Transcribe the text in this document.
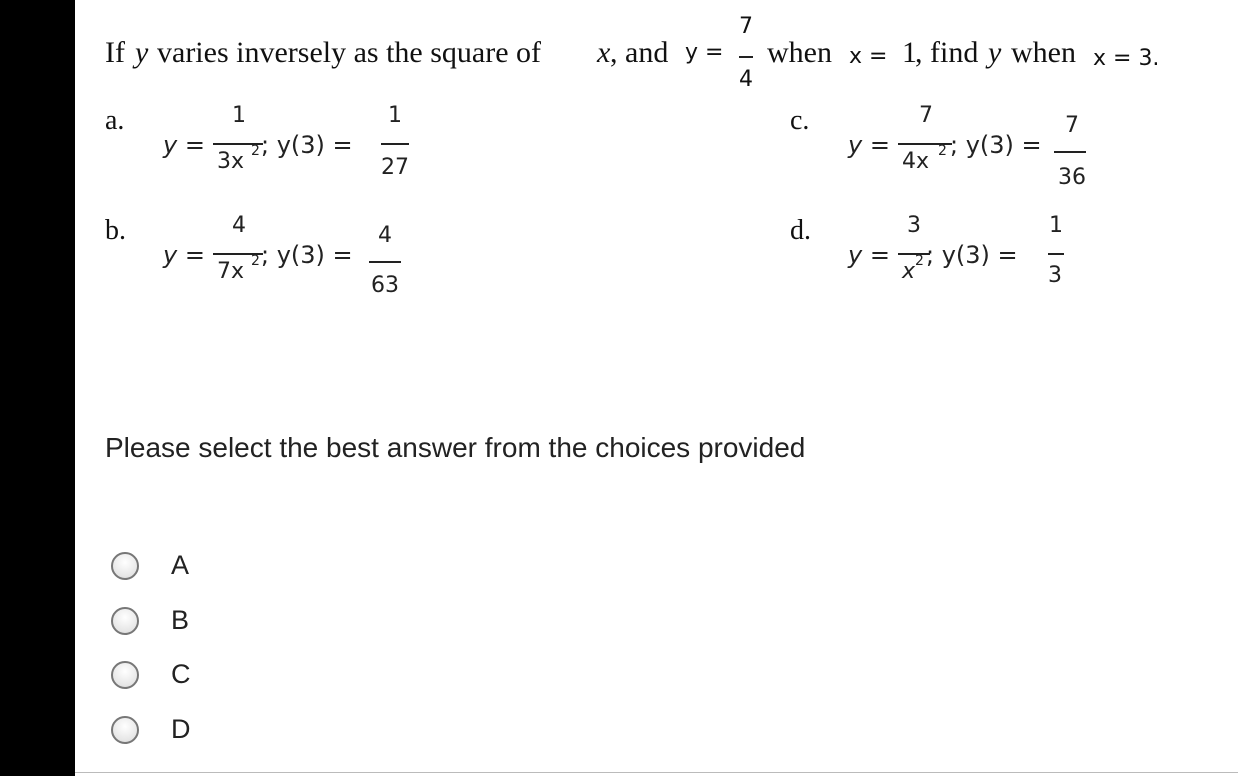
If y varies inversely as the square of x , and y =
7
4
when x = 1
, find y when x = 3.
a.
y =
1
3x 2 ; y(3) =
1
27
b.
y =
4
7x 2 ; y(3) =
4
63
c.
y =
7
4x 2 ; y(3) =
7
36
d.
y =
3
x 2 ; y(3) =
1
3
Please select the best answer from the choices provided
A
B
C
D
